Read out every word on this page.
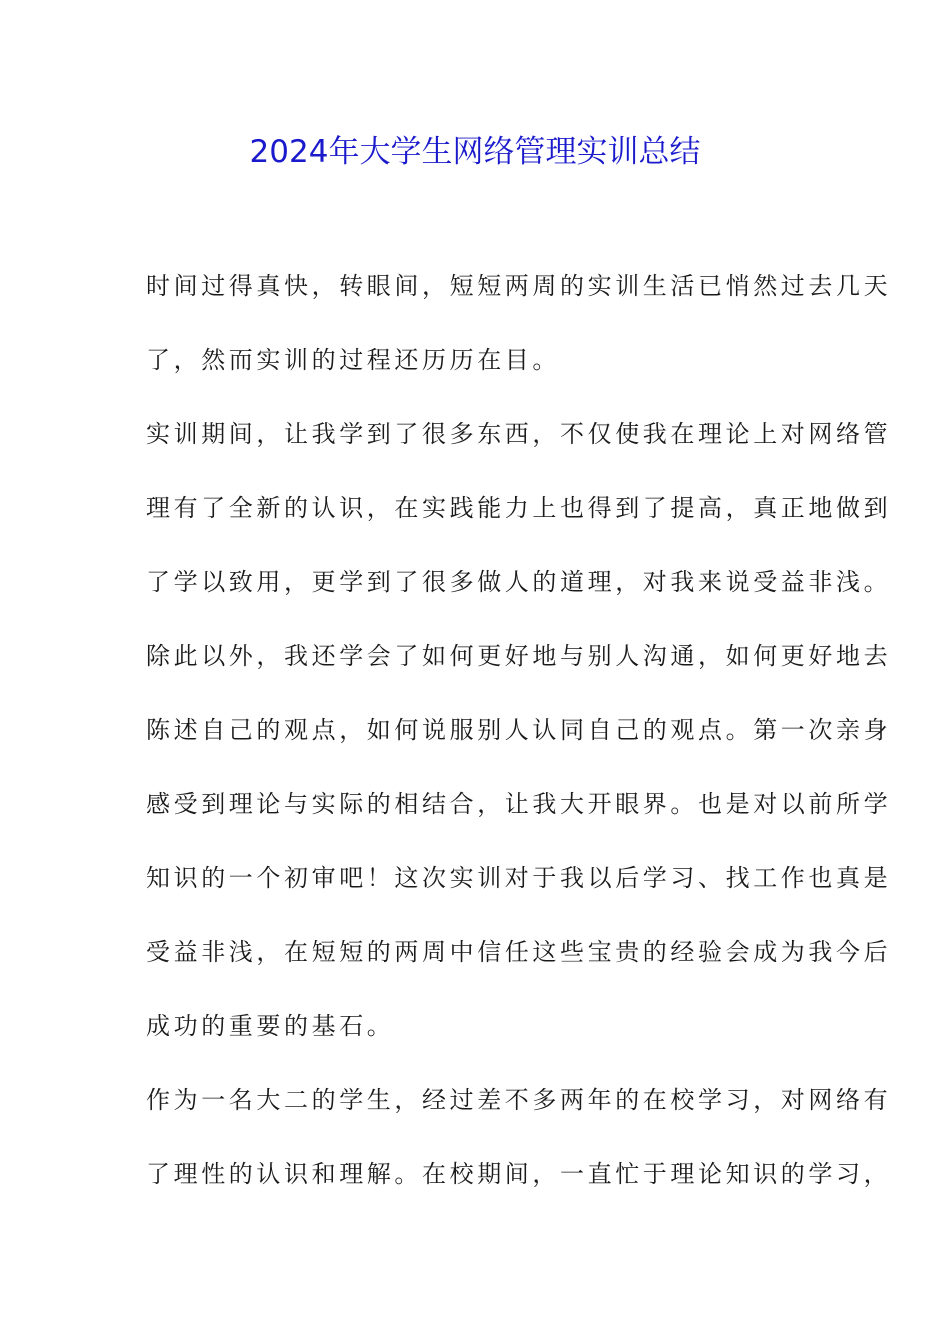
2024年大学生网络管理实训总结
时间过得真快，转眼间，短短两周的实训生活已悄然过去几天
了，然而实训的过程还历历在目。
实训期间，让我学到了很多东西，不仅使我在理论上对网络管
理有了全新的认识，在实践能力上也得到了提高，真正地做到
了学以致用，更学到了很多做人的道理，对我来说受益非浅。
除此以外，我还学会了如何更好地与别人沟通，如何更好地去
陈述自己的观点，如何说服别人认同自己的观点。第一次亲身
感受到理论与实际的相结合，让我大开眼界。也是对以前所学
知识的一个初审吧！这次实训对于我以后学习、找工作也真是
受益非浅，在短短的两周中信任这些宝贵的经验会成为我今后
成功的重要的基石。
作为一名大二的学生，经过差不多两年的在校学习，对网络有
了理性的认识和理解。在校期间，一直忙于理论知识的学习，
